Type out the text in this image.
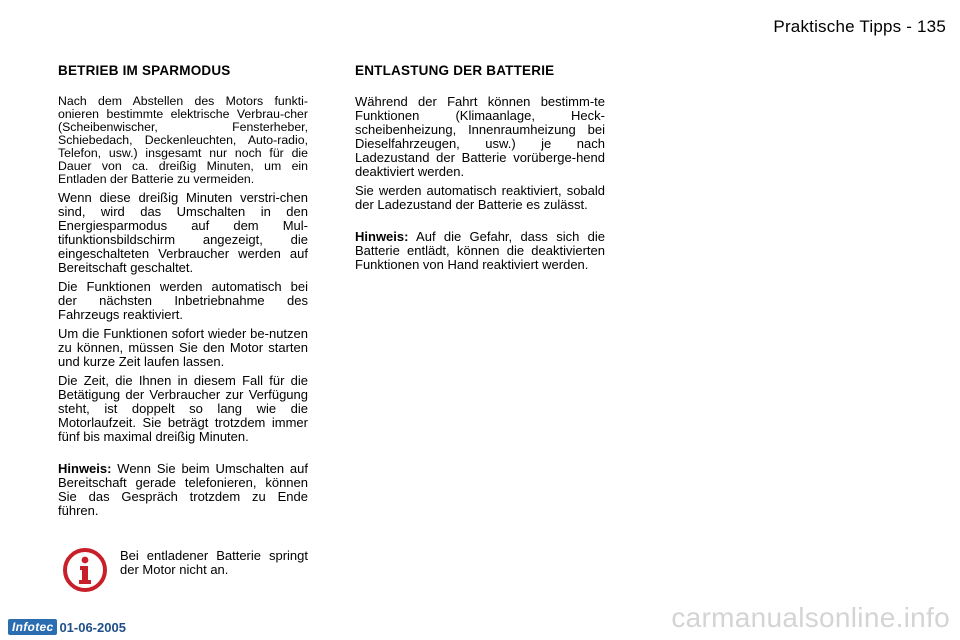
Praktische Tipps - 135
BETRIEB IM SPARMODUS

Nach dem Abstellen des Motors funkti-onieren bestimmte elektrische Verbrau-cher (Scheibenwischer, Fensterheber, Schiebedach, Deckenleuchten, Auto-radio, Telefon, usw.) insgesamt nur noch für die Dauer von ca. dreißig Minuten, um ein Entladen der Batterie zu vermeiden.

Wenn diese dreißig Minuten verstri-chen sind, wird das Umschalten in den Energiesparmodus auf dem Mul-tifunktionsbildschirm angezeigt, die eingeschalteten Verbraucher werden auf Bereitschaft geschaltet.

Die Funktionen werden automatisch bei der nächsten Inbetriebnahme des Fahrzeugs reaktiviert.

Um die Funktionen sofort wieder be-nutzen zu können, müssen Sie den Motor starten und kurze Zeit laufen lassen.

Die Zeit, die Ihnen in diesem Fall für die Betätigung der Verbraucher zur Verfügung steht, ist doppelt so lang wie die Motorlaufzeit. Sie beträgt trotzdem immer fünf bis maximal dreißig Minuten.

Hinweis: Wenn Sie beim Umschalten auf Bereitschaft gerade telefonieren, können Sie das Gespräch trotzdem zu Ende führen.

Bei entladener Batterie springt der Motor nicht an.
ENTLASTUNG DER BATTERIE

Während der Fahrt können bestimm-te Funktionen (Klimaanlage, Heck-scheibenheizung, Innenraumheizung bei Dieselfahrzeugen, usw.) je nach Ladezustand der Batterie vorüberge-hend deaktiviert werden.

Sie werden automatisch reaktiviert, sobald der Ladezustand der Batterie es zulässt.

Hinweis: Auf die Gefahr, dass sich die Batterie entlädt, können die deaktivierten Funktionen von Hand reaktiviert werden.

Infotec 01-06-2005	carmanualsonline.info
